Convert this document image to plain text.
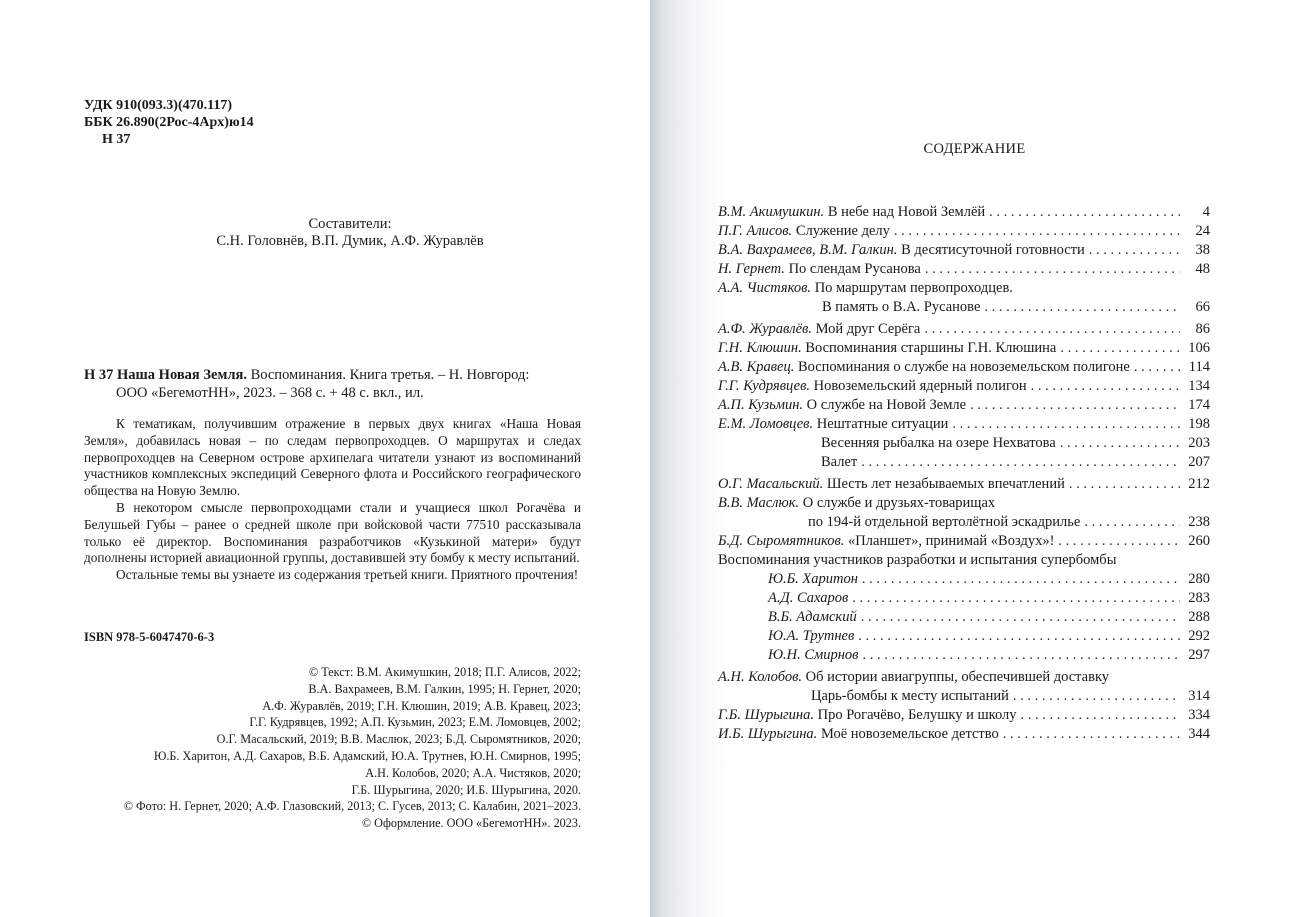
УДК 910(093.3)(470.117)
ББК 26.890(2Рос-4Арх)ю14
Н 37
Составители:
С.Н. Головнёв, В.П. Думик, А.Ф. Журавлёв
Н 37 Наша Новая Земля. Воспоминания. Книга третья. – Н. Новгород:
ООО «БегемотНН», 2023. – 368 с. + 48 с. вкл., ил.

К тематикам, получившим отражение в первых двух книгах «Наша Новая Земля», добавилась новая – по следам первопроходцев. О маршрутах и следах первопроходцев на Северном острове архипелага читатели узнают из воспоминаний участников комплексных экспедиций Северного флота и Российского географического общества на Новую Землю.

В некотором смысле первопроходцами стали и учащиеся школ Рогачёва и Белушьей Губы – ранее о средней школе при войсковой части 77510 рассказывала только её директор. Воспоминания разработчиков «Кузькиной матери» будут дополнены историей авиационной группы, доставившей эту бомбу к месту испытаний.

Остальные темы вы узнаете из содержания третьей книги. Приятного прочтения!

ISBN 978-5-6047470-6-3
© Текст: В.М. Акимушкин, 2018; П.Г. Алисов, 2022;
В.А. Вахрамеев, В.М. Галкин, 1995; Н. Гернет, 2020;
А.Ф. Журавлёв, 2019; Г.Н. Клюшин, 2019; А.В. Кравец, 2023;
Г.Г. Кудрявцев, 1992; А.П. Кузьмин, 2023; Е.М. Ломовцев, 2002;
О.Г. Масальский, 2019; В.В. Маслюк, 2023; Б.Д. Сыромятников, 2020;
Ю.Б. Харитон, А.Д. Сахаров, В.Б. Адамский, Ю.А. Трутнев, Ю.Н. Смирнов, 1995;
А.Н. Колобов, 2020; А.А. Чистяков, 2020;
Г.Б. Шурыгина, 2020; И.Б. Шурыгина, 2020.
© Фото: Н. Гернет, 2020; А.Ф. Глазовский, 2013; С. Гусев, 2013; С. Калабин, 2021–2023.
© Оформление. ООО «БегемотНН». 2023.
СОДЕРЖАНИЕ
В.М. Акимушкин. В небе над Новой Землёй . . .	4
П.Г. Алисов. Служение делу . . .	24
В.А. Вахрамеев, В.М. Галкин. В десятисуточной готовности . . .	38
Н. Гернет. По слендам Русанова . . .	48
А.А. Чистяков. По маршрутам первопроходцев.
В память о В.А. Русанове . . .	66
А.Ф. Журавлёв. Мой друг Серёга . . .	86
Г.Н. Клюшин. Воспоминания старшины Г.Н. Клюшина . . .	106
А.В. Кравец. Воспоминания о службе на новоземельском полигоне . . .	114
Г.Г. Кудрявцев. Новоземельский ядерный полигон . . .	134
А.П. Кузьмин. О службе на Новой Земле . . .	174
Е.М. Ломовцев. Нештатные ситуации . . .	198
Весенняя рыбалка на озере Нехватова . . .	203
Валет . . .	207
О.Г. Масальский. Шесть лет незабываемых впечатлений . . .	212
В.В. Маслюк. О службе и друзьях-товарищах
по 194-й отдельной вертолётной эскадрилье . . .	238
Б.Д. Сыромятников. «Планшет», принимай «Воздух»! . . .	260
Воспоминания участников разработки и испытания супербомбы
Ю.Б. Харитон . . .	280
А.Д. Сахаров . . .	283
В.Б. Адамский . . .	288
Ю.А. Трутнев . . .	292
Ю.Н. Смирнов . . .	297
А.Н. Колобов. Об истории авиагруппы, обеспечившей доставку
Царь-бомбы к месту испытаний . . .	314
Г.Б. Шурыгина. Про Рогачёво, Белушку и школу . . .	334
И.Б. Шурыгина. Моё новоземельское детство . . .	344
